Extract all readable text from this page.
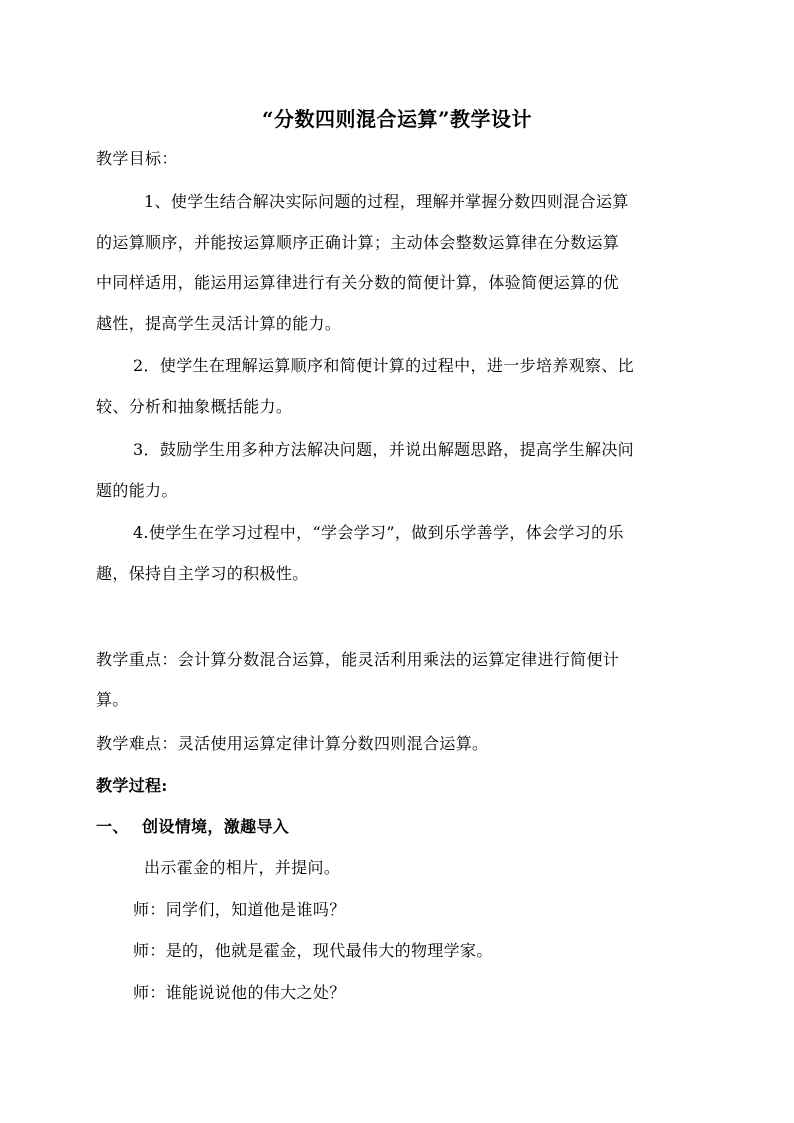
“分数四则混合运算”教学设计
教学目标：
1、使学生结合解决实际问题的过程，理解并掌握分数四则混合运算
的运算顺序，并能按运算顺序正确计算；主动体会整数运算律在分数运算
中同样适用，能运用运算律进行有关分数的简便计算，体验简便运算的优
越性，提高学生灵活计算的能力。
2．使学生在理解运算顺序和简便计算的过程中，进一步培养观察、比
较、分析和抽象概括能力。
3．鼓励学生用多种方法解决问题，并说出解题思路，提高学生解决问
题的能力。
4.使学生在学习过程中，“学会学习”，做到乐学善学，体会学习的乐
趣，保持自主学习的积极性。
教学重点：会计算分数混合运算，能灵活利用乘法的运算定律进行简便计
算。
教学难点：灵活使用运算定律计算分数四则混合运算。
教学过程:
一、 创设情境，激趣导入
出示霍金的相片，并提问。
师：同学们，知道他是谁吗？
师：是的，他就是霍金，现代最伟大的物理学家。
师：谁能说说他的伟大之处？
